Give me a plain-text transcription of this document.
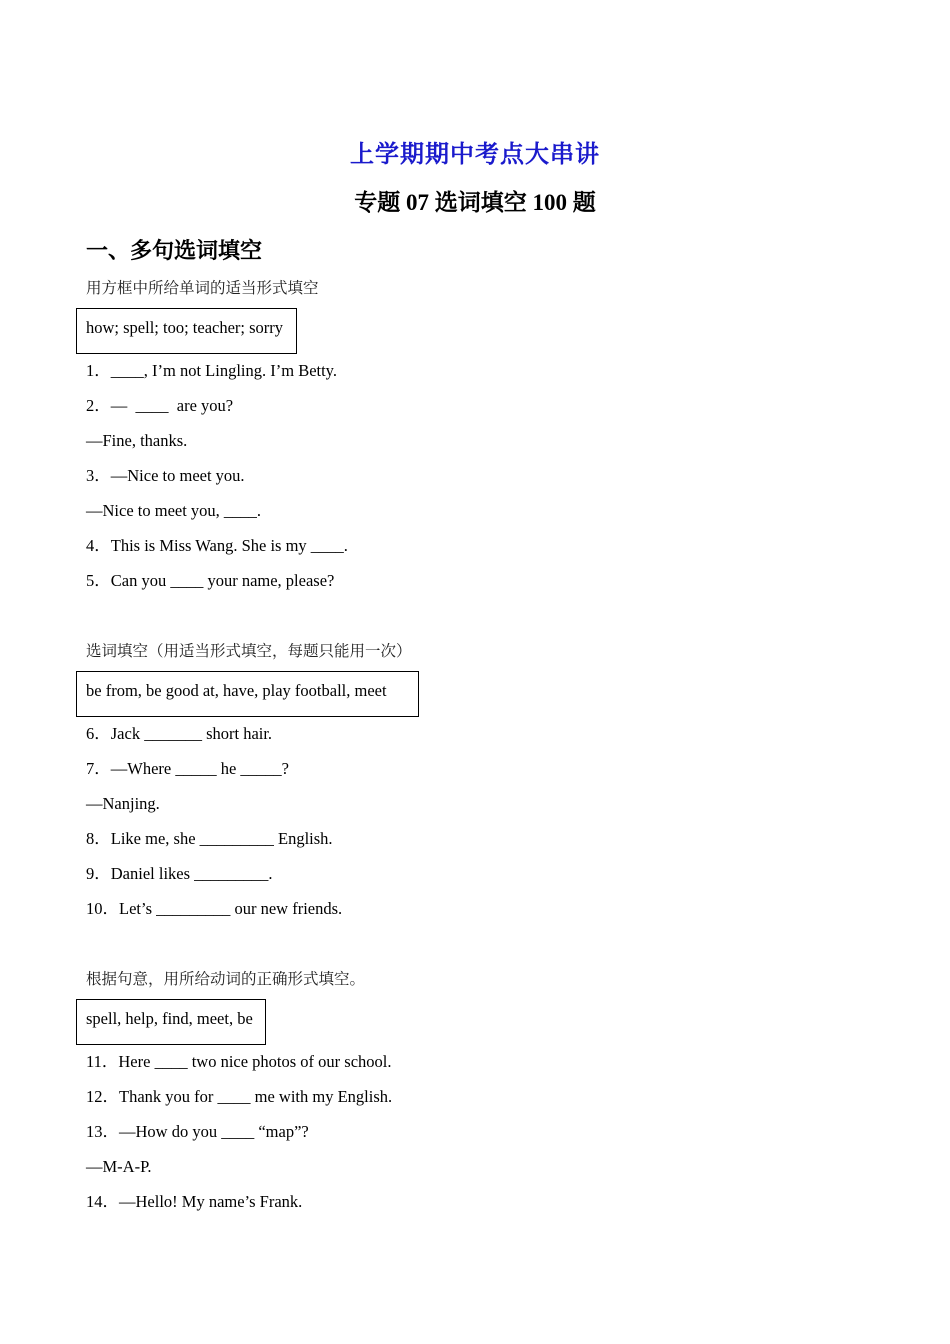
上学期期中考点大串讲
专题 07 选词填空 100 题
一、多句选词填空
用方框中所给单词的适当形式填空
how; spell; too; teacher; sorry
1．____, I’m not Lingling. I’m Betty.
2．—  ____  are you?
—Fine, thanks.
3．—Nice to meet you.
—Nice to meet you, ____.
4．This is Miss Wang. She is my ____.
5．Can you ____ your name, please?
选词填空（用适当形式填空，每题只能用一次）
be from, be good at, have, play football, meet
6．Jack _______ short hair.
7．—Where _____ he _____?
—Nanjing.
8．Like me, she _________ English.
9．Daniel likes _________.
10．Let’s _________ our new friends.
根据句意，用所给动词的正确形式填空。
spell, help, find, meet, be
11．Here ____ two nice photos of our school.
12．Thank you for ____ me with my English.
13．—How do you ____ “map”?
—M-A-P.
14．—Hello! My name’s Frank.
